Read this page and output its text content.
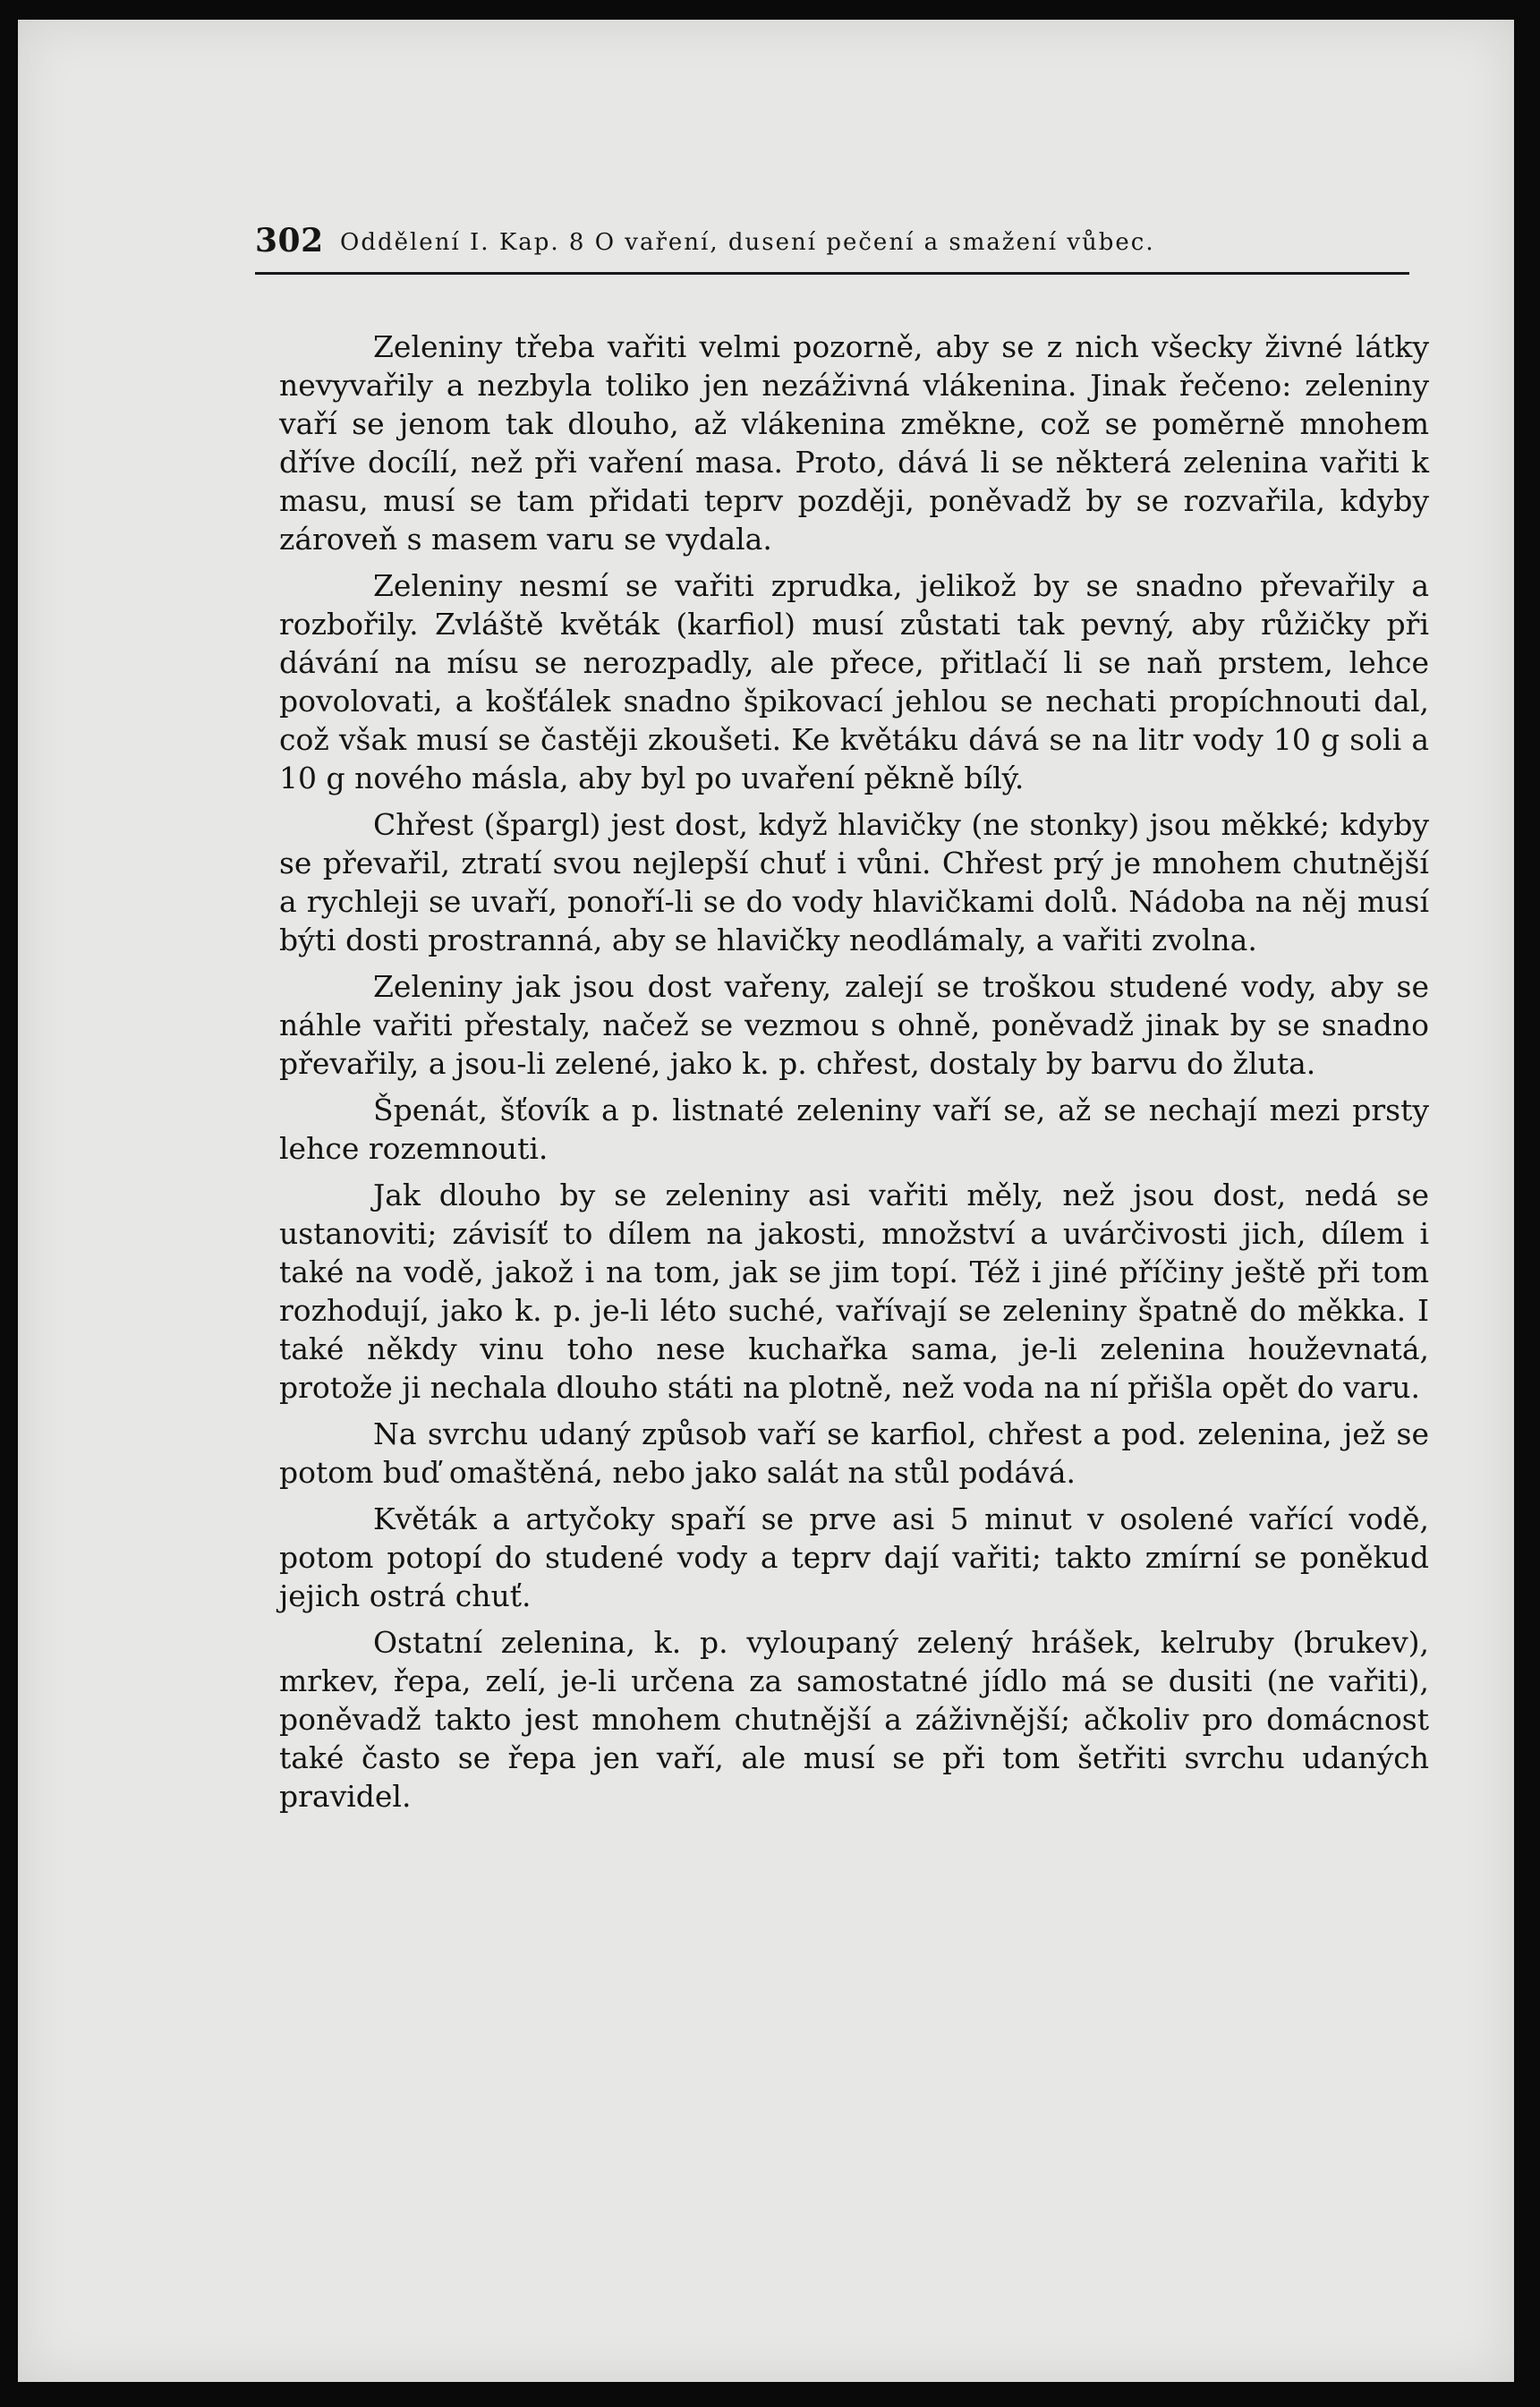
302 Oddělení I. Kap. 8 O vaření, dusení pečení a smažení vůbec.

Zeleniny třeba vařiti velmi pozorně, aby se z nich všecky živné látky nevyvařily a nezbyla toliko jen nezáživná vlákenina. Jinak řečeno: zeleniny vaří se jenom tak dlouho, až vlákenina změkne, což se poměrně mnohem dříve docílí, než při vaření masa. Proto, dává li se některá zelenina vařiti k masu, musí se tam přidati teprv později, poněvadž by se rozvařila, kdyby zároveň s masem varu se vydala.

Zeleniny nesmí se vařiti zprudka, jelikož by se snadno převařily a rozbořily. Zvláště květák (karfiol) musí zůstati tak pevný, aby růžičky při dávání na mísu se nerozpadly, ale přece, přitlačí li se naň prstem, lehce povolovati, a košťálek snadno špikovací jehlou se nechati propíchnouti dal, což však musí se častěji zkoušeti. Ke květáku dává se na litr vody 10 g soli a 10 g nového másla, aby byl po uvaření pěkně bílý.

Chřest (špargl) jest dost, když hlavičky (ne stonky) jsou měkké; kdyby se převařil, ztratí svou nejlepší chuť i vůni. Chřest prý je mnohem chutnější a rychleji se uvaří, ponoří-li se do vody hlavičkami dolů. Nádoba na něj musí býti dosti prostranná, aby se hlavičky neodlámaly, a vařiti zvolna.

Zeleniny jak jsou dost vařeny, zalejí se troškou studené vody, aby se náhle vařiti přestaly, načež se vezmou s ohně, poněvadž jinak by se snadno převařily, a jsou-li zelené, jako k. p. chřest, dostaly by barvu do žluta.

Špenát, šťovík a p. listnaté zeleniny vaří se, až se nechají mezi prsty lehce rozemnouti.

Jak dlouho by se zeleniny asi vařiti měly, než jsou dost, nedá se ustanoviti; závisíť to dílem na jakosti, množství a uvárčivosti jich, dílem i také na vodě, jakož i na tom, jak se jim topí. Též i jiné příčiny ještě při tom rozhodují, jako k. p. je-li léto suché, vařívají se zeleniny špatně do měkka. I také někdy vinu toho nese kuchařka sama, je-li zelenina houževnatá, protože ji nechala dlouho státi na plotně, než voda na ní přišla opět do varu.

Na svrchu udaný způsob vaří se karfiol, chřest a pod. zelenina, jež se potom buď omaštěná, nebo jako salát na stůl podává.

Květák a artyčoky spaří se prve asi 5 minut v osolené vařící vodě, potom potopí do studené vody a teprv dají vařiti; takto zmírní se poněkud jejich ostrá chuť.

Ostatní zelenina, k. p. vyloupaný zelený hrášek, kelruby (brukev), mrkev, řepa, zelí, je-li určena za samostatné jídlo má se dusiti (ne vařiti), poněvadž takto jest mnohem chutnější a záživnější; ačkoliv pro domácnost také často se řepa jen vaří, ale musí se při tom šetřiti svrchu udaných pravidel.
